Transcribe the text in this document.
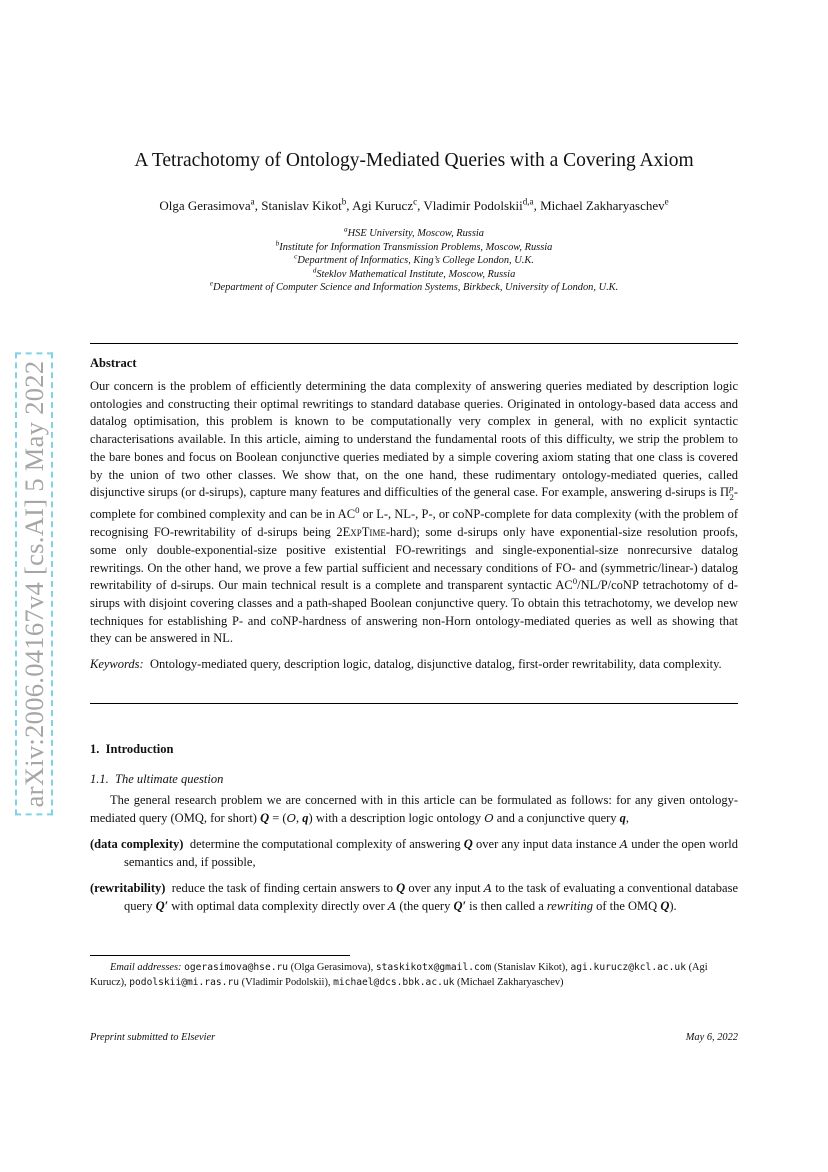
arXiv:2006.04167v4 [cs.AI] 5 May 2022
A Tetrachotomy of Ontology-Mediated Queries with a Covering Axiom
Olga Gerasimova$^a$, Stanislav Kikot$^b$, Agi Kurucz$^c$, Vladimir Podolskii$^{d,a}$, Michael Zakharyaschev$^e$
$^a$HSE University, Moscow, Russia
$^b$Institute for Information Transmission Problems, Moscow, Russia
$^c$Department of Informatics, King’s College London, U.K.
$^d$Steklov Mathematical Institute, Moscow, Russia
$^e$Department of Computer Science and Information Systems, Birkbeck, University of London, U.K.
Abstract
Our concern is the problem of efficiently determining the data complexity of answering queries mediated by description logic ontologies and constructing their optimal rewritings to standard database queries. Originated in ontology-based data access and datalog optimisation, this problem is known to be computationally very complex in general, with no explicit syntactic characterisations available. In this article, aiming to understand the fundamental roots of this difficulty, we strip the problem to the bare bones and focus on Boolean conjunctive queries mediated by a simple covering axiom stating that one class is covered by the union of two other classes. We show that, on the one hand, these rudimentary ontology-mediated queries, called disjunctive sirups (or d-sirups), capture many features and difficulties of the general case. For example, answering d-sirups is $\Pi^p_2$-complete for combined complexity and can be in $AC^0$ or L-, NL-, P-, or coNP-complete for data complexity (with the problem of recognising FO-rewritability of d-sirups being 2ExpTime-hard); some d-sirups only have exponential-size resolution proofs, some only double-exponential-size positive existential FO-rewritings and single-exponential-size nonrecursive datalog rewritings. On the other hand, we prove a few partial sufficient and necessary conditions of FO- and (symmetric/linear-) datalog rewritability of d-sirups. Our main technical result is a complete and transparent syntactic $AC^0/NL/P$/coNP tetrachotomy of d-sirups with disjoint covering classes and a path-shaped Boolean conjunctive query. To obtain this tetrachotomy, we develop new techniques for establishing P- and coNP-hardness of answering non-Horn ontology-mediated queries as well as showing that they can be answered in NL.
Keywords: Ontology-mediated query, description logic, datalog, disjunctive datalog, first-order rewritability, data complexity.
1. Introduction
1.1. The ultimate question
The general research problem we are concerned with in this article can be formulated as follows: for any given ontology-mediated query (OMQ, for short) Q = (O, q) with a description logic ontology O and a conjunctive query q,
(data complexity) determine the computational complexity of answering Q over any input data instance A under the open world semantics and, if possible,
(rewritability) reduce the task of finding certain answers to Q over any input A to the task of evaluating a conventional database query Q′ with optimal data complexity directly over A (the query Q′ is then called a rewriting of the OMQ Q).
Email addresses: ogerasimova@hse.ru (Olga Gerasimova), staskikotx@gmail.com (Stanislav Kikot), agi.kurucz@kcl.ac.uk (Agi Kurucz), podolskii@mi.ras.ru (Vladimir Podolskii), michael@dcs.bbk.ac.uk (Michael Zakharyaschev)
Preprint submitted to Elsevier	May 6, 2022
